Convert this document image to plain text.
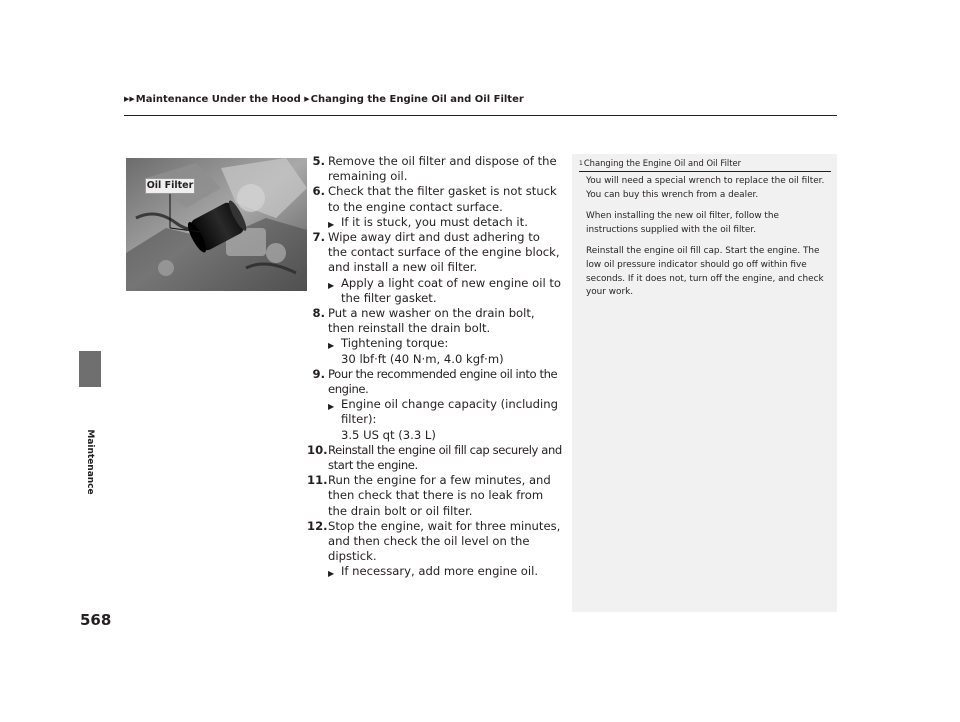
▶▶Maintenance Under the Hood ▶Changing the Engine Oil and Oil Filter
Maintenance
568
Oil Filter
5. Remove the oil filter and dispose of the remaining oil.
6. Check that the filter gasket is not stuck to the engine contact surface.
▶ If it is stuck, you must detach it.
7. Wipe away dirt and dust adhering to the contact surface of the engine block, and install a new oil filter.
▶ Apply a light coat of new engine oil to the filter gasket.
8. Put a new washer on the drain bolt, then reinstall the drain bolt.
▶ Tightening torque:
30 lbf·ft (40 N·m, 4.0 kgf·m)
9. Pour the recommended engine oil into the engine.
▶ Engine oil change capacity (including filter):
3.5 US qt (3.3 L)
10. Reinstall the engine oil fill cap securely and start the engine.
11. Run the engine for a few minutes, and then check that there is no leak from the drain bolt or oil filter.
12. Stop the engine, wait for three minutes, and then check the oil level on the dipstick.
▶ If necessary, add more engine oil.
1Changing the Engine Oil and Oil Filter

You will need a special wrench to replace the oil filter. You can buy this wrench from a dealer.

When installing the new oil filter, follow the instructions supplied with the oil filter.

Reinstall the engine oil fill cap. Start the engine. The low oil pressure indicator should go off within five seconds. If it does not, turn off the engine, and check your work.
